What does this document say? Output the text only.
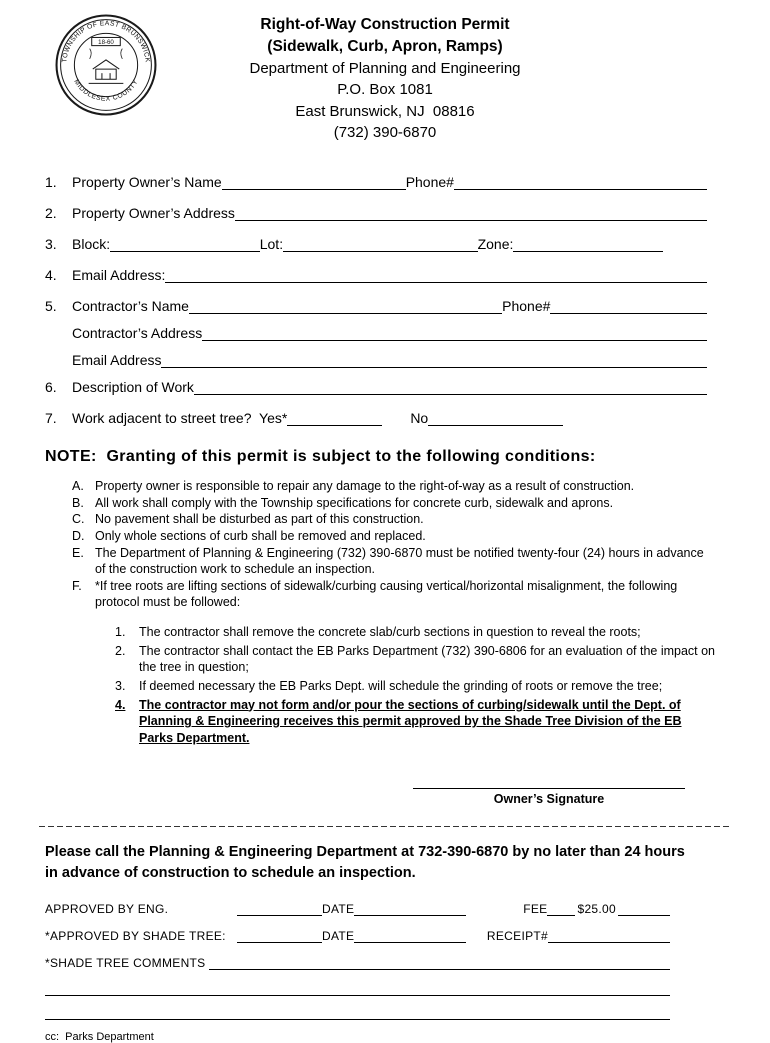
TOWNSHIP OF EAST BRUNSWICK
MIDDLESEX COUNTY
18-60
Right-of-Way Construction Permit
(Sidewalk, Curb, Apron, Ramps)
Department of Planning and Engineering
P.O. Box 1081
East Brunswick, NJ  08816
(732) 390-6870
1.	Property Owner’s Name	Phone#
2.	Property Owner’s Address
3.	Block:	Lot:	Zone:
4.	Email Address:
5.	Contractor’s Name	Phone#
Contractor’s Address
Email Address
6.	Description of Work
7.	Work adjacent to street tree?  Yes*	No
NOTE:  Granting of this permit is subject to the following conditions:
A. Property owner is responsible to repair any damage to the right-of-way as a result of construction.
B. All work shall comply with the Township specifications for concrete curb, sidewalk and aprons.
C. No pavement shall be disturbed as part of this construction.
D. Only whole sections of curb shall be removed and replaced.
E. The Department of Planning & Engineering (732) 390-6870 must be notified twenty-four (24) hours in advance of the construction work to schedule an inspection.
F.	*If tree roots are lifting sections of sidewalk/curbing causing vertical/horizontal misalignment, the following protocol must be followed:
1.	The contractor shall remove the concrete slab/curb sections in question to reveal the roots;
2.	The contractor shall contact the EB Parks Department (732) 390-6806 for an evaluation of the impact on the tree in question;
3.	If deemed necessary the EB Parks Dept. will schedule the grinding of roots or remove the tree;
4.	The contractor may not form and/or pour the sections of curbing/sidewalk until the Dept. of Planning & Engineering receives this permit approved by the Shade Tree Division of the EB Parks Department.
Owner’s Signature
Please call the Planning & Engineering Department at 732-390-6870 by no later than 24 hours in advance of construction to schedule an inspection.
APPROVED BY ENG.	DATE	FEE	$25.00
*APPROVED BY SHADE TREE:	DATE	RECEIPT#
*SHADE TREE COMMENTS
cc:  Parks Department
